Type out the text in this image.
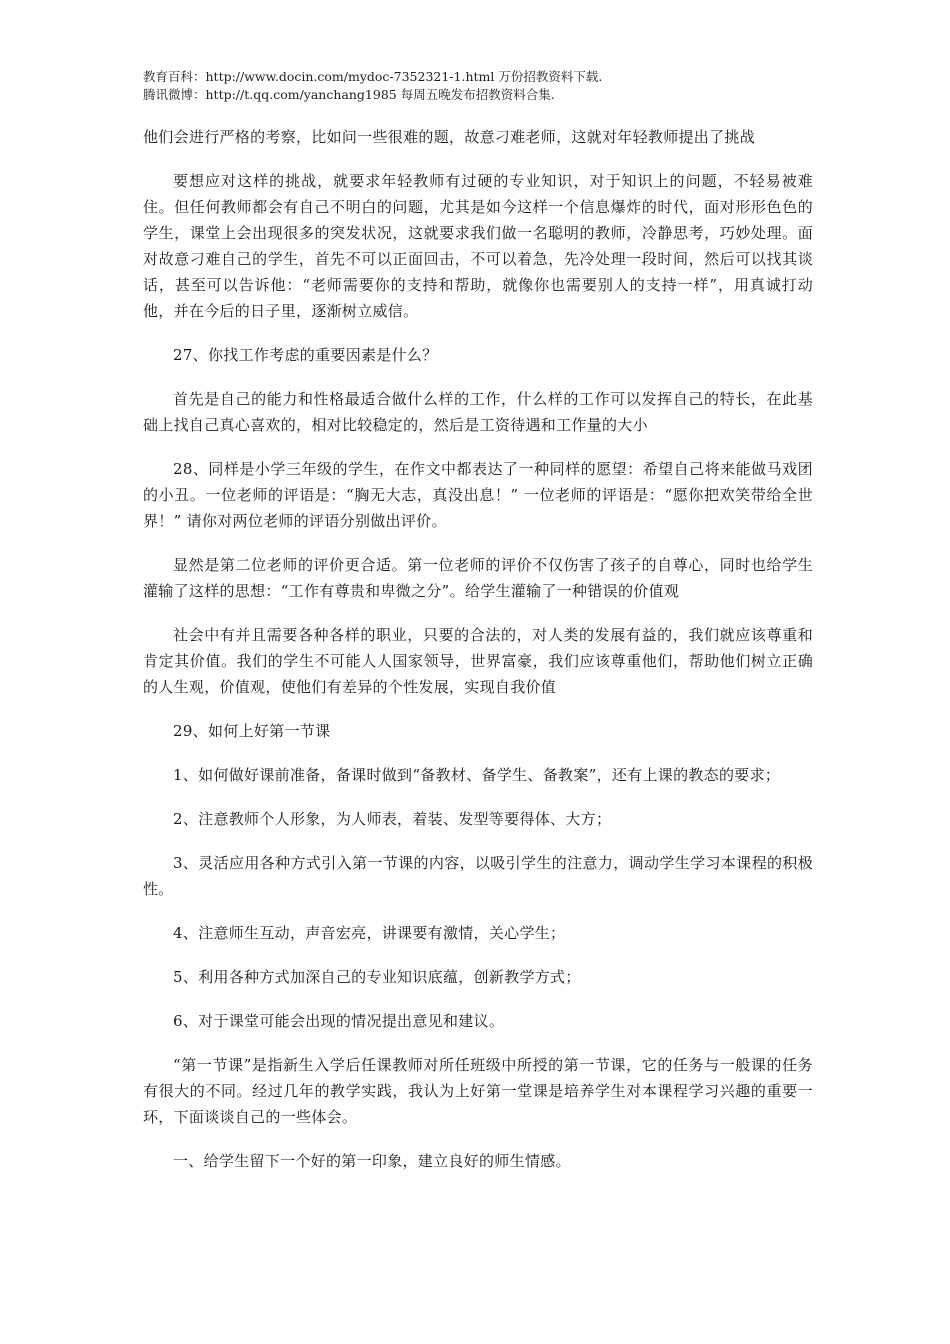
教育百科：http://www.docin.com/mydoc-7352321-1.html 万份招教资料下载.
腾讯微博：http://t.qq.com/yanchang1985 每周五晚发布招教资料合集.

他们会进行严格的考察，比如问一些很难的题，故意刁难老师，这就对年轻教师提出了挑战

要想应对这样的挑战，就要求年轻教师有过硬的专业知识，对于知识上的问题，不轻易被难住。但任何教师都会有自己不明白的问题，尤其是如今这样一个信息爆炸的时代，面对形形色色的学生，课堂上会出现很多的突发状况，这就要求我们做一名聪明的教师，冷静思考，巧妙处理。面对故意刁难自己的学生，首先不可以正面回击，不可以着急，先冷处理一段时间，然后可以找其谈话，甚至可以告诉他：“老师需要你的支持和帮助，就像你也需要别人的支持一样”，用真诚打动他，并在今后的日子里，逐渐树立威信。

27、你找工作考虑的重要因素是什么？

首先是自己的能力和性格最适合做什么样的工作，什么样的工作可以发挥自己的特长，在此基础上找自己真心喜欢的，相对比较稳定的，然后是工资待遇和工作量的大小

28、同样是小学三年级的学生，在作文中都表达了一种同样的愿望：希望自己将来能做马戏团的小丑。一位老师的评语是：“胸无大志，真没出息！” 一位老师的评语是：“愿你把欢笑带给全世界！” 请你对两位老师的评语分别做出评价。

显然是第二位老师的评价更合适。第一位老师的评价不仅伤害了孩子的自尊心，同时也给学生灌输了这样的思想：“工作有尊贵和卑微之分”。给学生灌输了一种错误的价值观

社会中有并且需要各种各样的职业，只要的合法的，对人类的发展有益的，我们就应该尊重和肯定其价值。我们的学生不可能人人国家领导，世界富豪，我们应该尊重他们，帮助他们树立正确的人生观，价值观，使他们有差异的个性发展，实现自我价值

29、如何上好第一节课

1、如何做好课前准备，备课时做到“备教材、备学生、备教案”，还有上课的教态的要求；

2、注意教师个人形象，为人师表，着装、发型等要得体、大方；

3、灵活应用各种方式引入第一节课的内容，以吸引学生的注意力，调动学生学习本课程的积极性。

4、注意师生互动，声音宏亮，讲课要有激情，关心学生；

5、利用各种方式加深自己的专业知识底蕴，创新教学方式；

6、对于课堂可能会出现的情况提出意见和建议。

“第一节课”是指新生入学后任课教师对所任班级中所授的第一节课，它的任务与一般课的任务有很大的不同。经过几年的教学实践，我认为上好第一堂课是培养学生对本课程学习兴趣的重要一环，下面谈谈自己的一些体会。

一、给学生留下一个好的第一印象，建立良好的师生情感。
